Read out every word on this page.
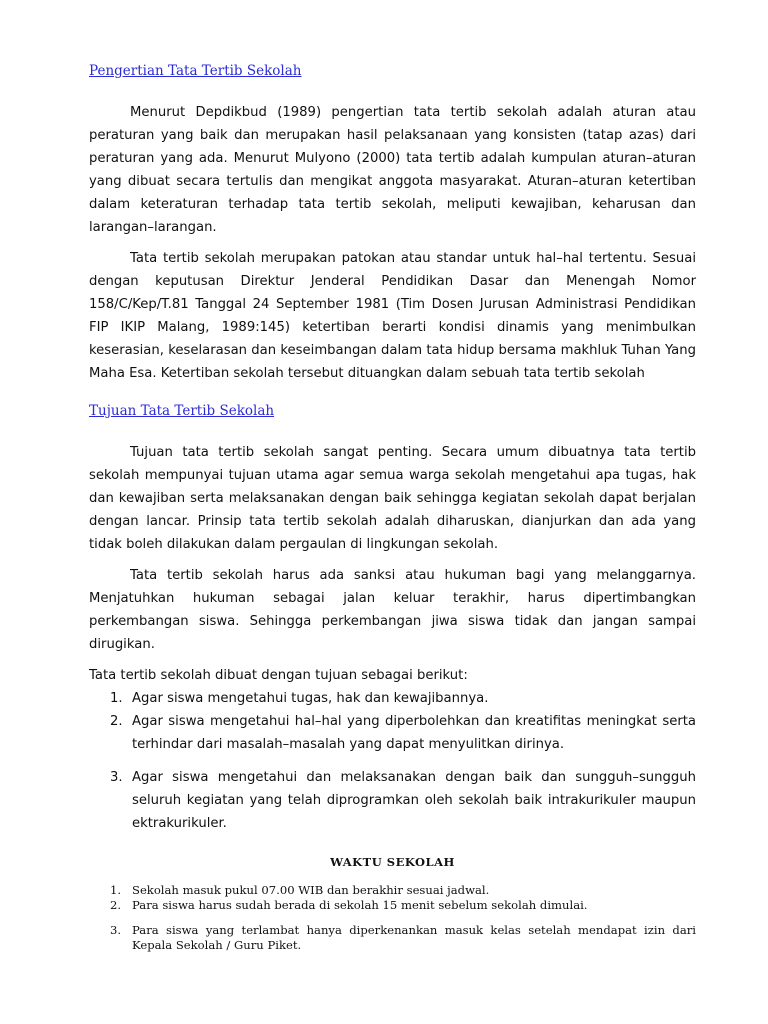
Pengertian Tata Tertib Sekolah

Menurut Depdikbud (1989) pengertian tata tertib sekolah adalah aturan atau peraturan yang baik dan merupakan hasil pelaksanaan yang konsisten (tatap azas) dari peraturan yang ada. Menurut Mulyono (2000) tata tertib adalah kumpulan aturan–aturan yang dibuat secara tertulis dan mengikat anggota masyarakat. Aturan–aturan ketertiban dalam keteraturan terhadap tata tertib sekolah, meliputi kewajiban, keharusan dan larangan–larangan.

Tata tertib sekolah merupakan patokan atau standar untuk hal–hal tertentu. Sesuai dengan keputusan Direktur Jenderal Pendidikan Dasar dan Menengah Nomor 158/C/Kep/T.81 Tanggal 24 September 1981 (Tim Dosen Jurusan Administrasi Pendidikan FIP IKIP Malang, 1989:145) ketertiban berarti kondisi dinamis yang menimbulkan keserasian, keselarasan dan keseimbangan dalam tata hidup bersama makhluk Tuhan Yang Maha Esa. Ketertiban sekolah tersebut dituangkan dalam sebuah tata tertib sekolah

Tujuan Tata Tertib Sekolah

Tujuan tata tertib sekolah sangat penting. Secara umum dibuatnya tata tertib sekolah mempunyai tujuan utama agar semua warga sekolah mengetahui apa tugas, hak dan kewajiban serta melaksanakan dengan baik sehingga kegiatan sekolah dapat berjalan dengan lancar. Prinsip tata tertib sekolah adalah diharuskan, dianjurkan dan ada yang tidak boleh dilakukan dalam pergaulan di lingkungan sekolah.

Tata tertib sekolah harus ada sanksi atau hukuman bagi yang melanggarnya. Menjatuhkan hukuman sebagai jalan keluar terakhir, harus dipertimbangkan perkembangan siswa. Sehingga perkembangan jiwa siswa tidak dan jangan sampai dirugikan.

Tata tertib sekolah dibuat dengan tujuan sebagai berikut:

1. Agar siswa mengetahui tugas, hak dan kewajibannya.
2. Agar siswa mengetahui hal–hal yang diperbolehkan dan kreatifitas meningkat serta terhindar dari masalah–masalah yang dapat menyulitkan dirinya.
3. Agar siswa mengetahui dan melaksanakan dengan baik dan sungguh–sungguh seluruh kegiatan yang telah diprogramkan oleh sekolah baik intrakurikuler maupun ektrakurikuler.
WAKTU SEKOLAH
1. Sekolah masuk pukul 07.00 WIB dan berakhir sesuai jadwal.
2. Para siswa harus sudah berada di sekolah 15 menit sebelum sekolah dimulai.
3. Para siswa yang terlambat hanya diperkenankan masuk kelas setelah mendapat izin dari Kepala Sekolah / Guru Piket.
